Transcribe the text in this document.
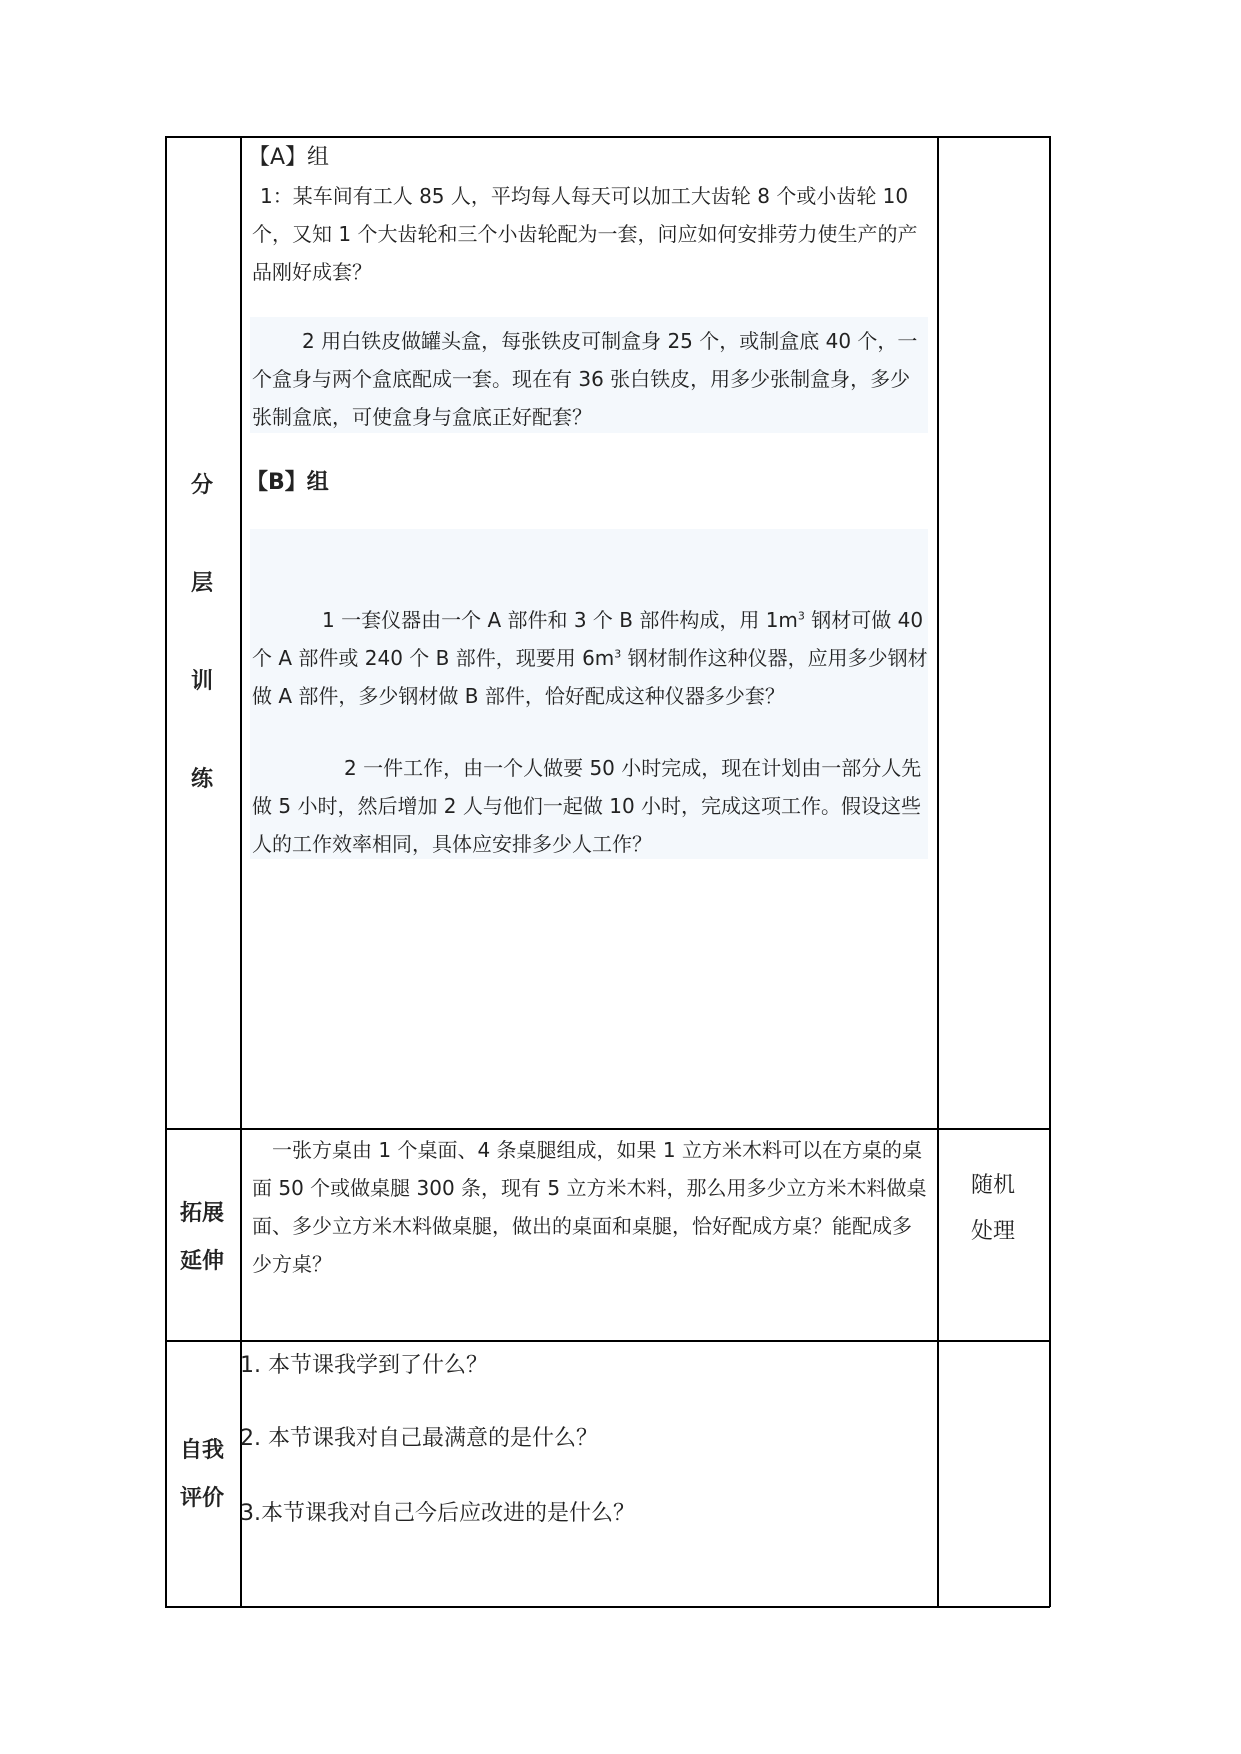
分
层
训
练
【A】组

1：某车间有工人 85 人，平均每人每天可以加工大齿轮 8 个或小齿轮 10 个，又知 1 个大齿轮和三个小齿轮配为一套，问应如何安排劳力使生产的产品刚好成套？

2 用白铁皮做罐头盒，每张铁皮可制盒身 25 个，或制盒底 40 个，一个盒身与两个盒底配成一套。现在有 36 张白铁皮，用多少张制盒身，多少张制盒底，可使盒身与盒底正好配套？

【B】组

1 一套仪器由一个 A 部件和 3 个 B 部件构成，用 $1m^3$ 钢材可做 40 个 A 部件或 240 个 B 部件，现要用 $6m^3$ 钢材制作这种仪器，应用多少钢材做 A 部件，多少钢材做 B 部件，恰好配成这种仪器多少套？

2 一件工作，由一个人做要 50 小时完成，现在计划由一部分人先做 5 小时，然后增加 2 人与他们一起做 10 小时，完成这项工作。假设这些人的工作效率相同，具体应安排多少人工作？

拓展
延伸

一张方桌由 1 个桌面、4 条桌腿组成，如果 1 立方米木料可以在方桌的桌面 50 个或做桌腿 300 条，现有 5 立方米木料，那么用多少立方米木料做桌面、多少立方米木料做桌腿，做出的桌面和桌腿，恰好配成方桌？能配成多少方桌？

随机
处理
自我
评价
1. 本节课我学到了什么？
2. 本节课我对自己最满意的是什么？
3.本节课我对自己今后应改进的是什么？
